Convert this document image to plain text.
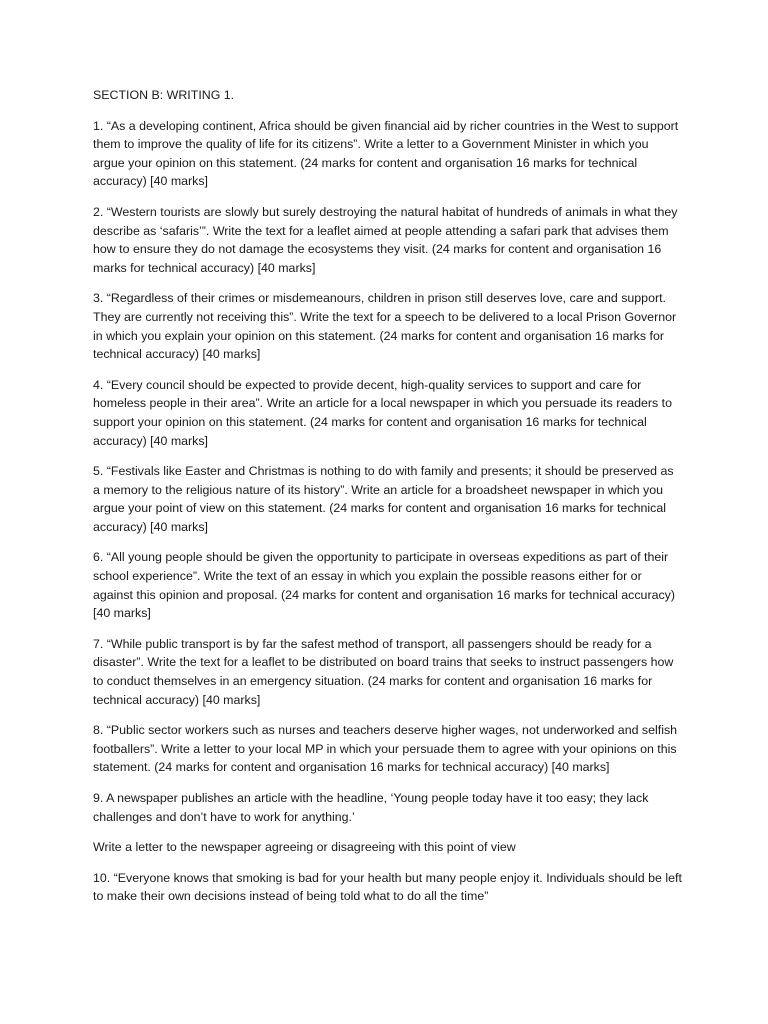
SECTION B: WRITING 1.

1. “As a developing continent, Africa should be given financial aid by richer countries in the West to support them to improve the quality of life for its citizens”. Write a letter to a Government Minister in which you argue your opinion on this statement. (24 marks for content and organisation 16 marks for technical accuracy) [40 marks]

2. “Western tourists are slowly but surely destroying the natural habitat of hundreds of animals in what they describe as ‘safaris’”. Write the text for a leaflet aimed at people attending a safari park that advises them how to ensure they do not damage the ecosystems they visit. (24 marks for content and organisation 16 marks for technical accuracy) [40 marks]

3. “Regardless of their crimes or misdemeanours, children in prison still deserves love, care and support. They are currently not receiving this”. Write the text for a speech to be delivered to a local Prison Governor in which you explain your opinion on this statement. (24 marks for content and organisation 16 marks for technical accuracy) [40 marks]

4. “Every council should be expected to provide decent, high-quality services to support and care for homeless people in their area”. Write an article for a local newspaper in which you persuade its readers to support your opinion on this statement. (24 marks for content and organisation 16 marks for technical accuracy) [40 marks]

5. “Festivals like Easter and Christmas is nothing to do with family and presents; it should be preserved as a memory to the religious nature of its history”. Write an article for a broadsheet newspaper in which you argue your point of view on this statement. (24 marks for content and organisation 16 marks for technical accuracy) [40 marks]

6. “All young people should be given the opportunity to participate in overseas expeditions as part of their school experience”. Write the text of an essay in which you explain the possible reasons either for or against this opinion and proposal. (24 marks for content and organisation 16 marks for technical accuracy) [40 marks]

7. “While public transport is by far the safest method of transport, all passengers should be ready for a disaster”. Write the text for a leaflet to be distributed on board trains that seeks to instruct passengers how to conduct themselves in an emergency situation. (24 marks for content and organisation 16 marks for technical accuracy) [40 marks]

8. “Public sector workers such as nurses and teachers deserve higher wages, not underworked and selfish footballers”. Write a letter to your local MP in which your persuade them to agree with your opinions on this statement. (24 marks for content and organisation 16 marks for technical accuracy) [40 marks]

9. A newspaper publishes an article with the headline, ‘Young people today have it too easy; they lack challenges and don’t have to work for anything.’

Write a letter to the newspaper agreeing or disagreeing with this point of view

10. “Everyone knows that smoking is bad for your health but many people enjoy it. Individuals should be left to make their own decisions instead of being told what to do all the time”
